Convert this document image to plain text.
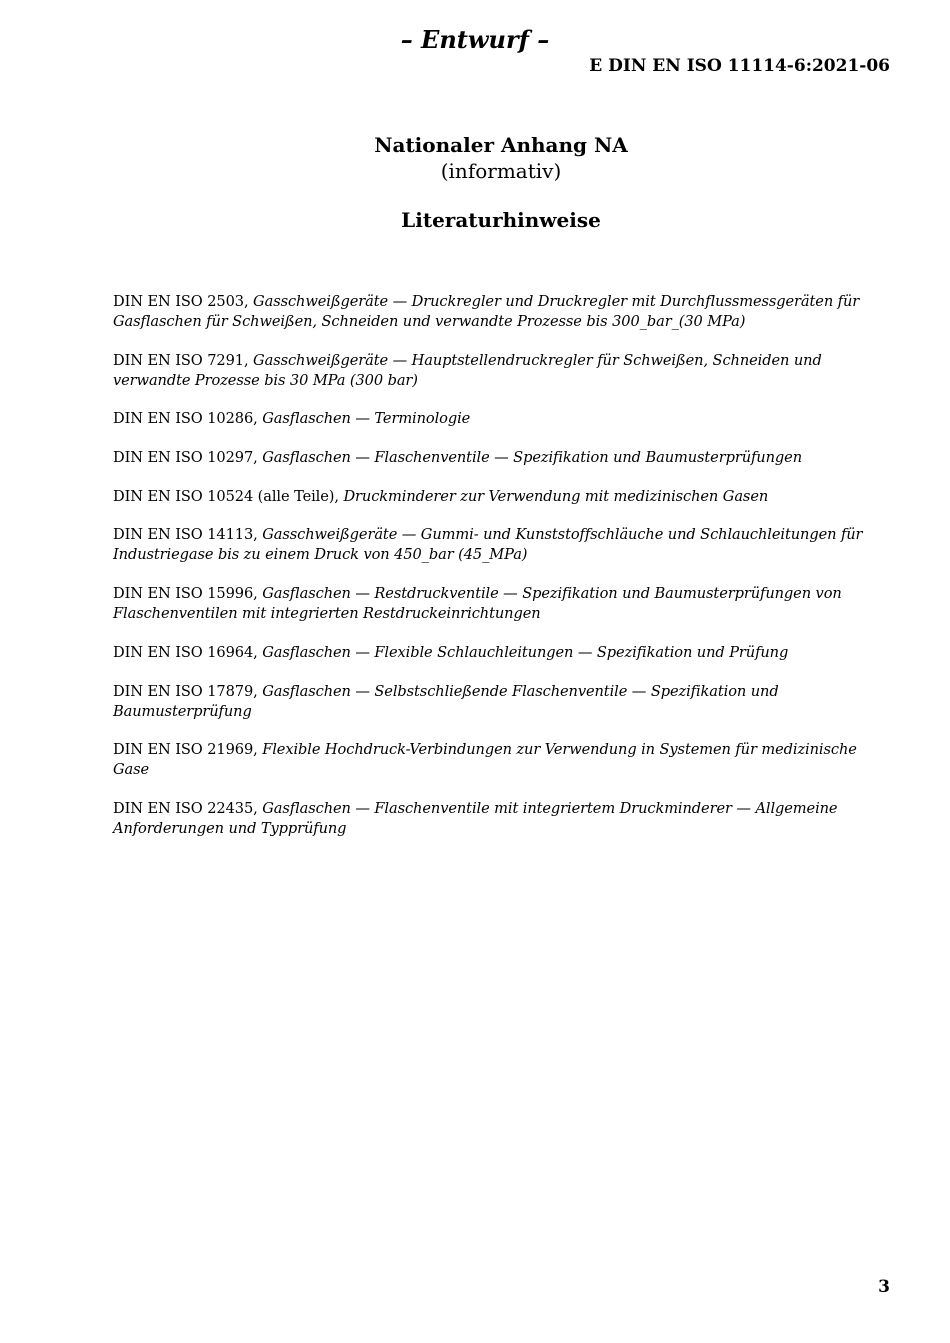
– Entwurf –
E DIN EN ISO 11114-6:2021-06
Nationaler Anhang NA
(informativ)
Literaturhinweise
DIN EN ISO 2503, Gasschweißgeräte — Druckregler und Druckregler mit Durchflussmessgeräten für Gasflaschen für Schweißen, Schneiden und verwandte Prozesse bis 300_bar_(30 MPa)
DIN EN ISO 7291, Gasschweißgeräte — Hauptstellendruckregler für Schweißen, Schneiden und verwandte Prozesse bis 30 MPa (300 bar)
DIN EN ISO 10286, Gasflaschen — Terminologie
DIN EN ISO 10297, Gasflaschen — Flaschenventile — Spezifikation und Baumusterprüfungen
DIN EN ISO 10524 (alle Teile), Druckminderer zur Verwendung mit medizinischen Gasen
DIN EN ISO 14113, Gasschweißgeräte — Gummi- und Kunststoffschläuche und Schlauchleitungen für Industriegase bis zu einem Druck von 450_bar (45_MPa)
DIN EN ISO 15996, Gasflaschen — Restdruckventile — Spezifikation und Baumusterprüfungen von Flaschenventilen mit integrierten Restdruckeinrichtungen
DIN EN ISO 16964, Gasflaschen — Flexible Schlauchleitungen — Spezifikation und Prüfung
DIN EN ISO 17879, Gasflaschen — Selbstschließende Flaschenventile — Spezifikation und Baumusterprüfung
DIN EN ISO 21969, Flexible Hochdruck-Verbindungen zur Verwendung in Systemen für medizinische Gase
DIN EN ISO 22435, Gasflaschen — Flaschenventile mit integriertem Druckminderer — Allgemeine Anforderungen und Typprüfung
3
